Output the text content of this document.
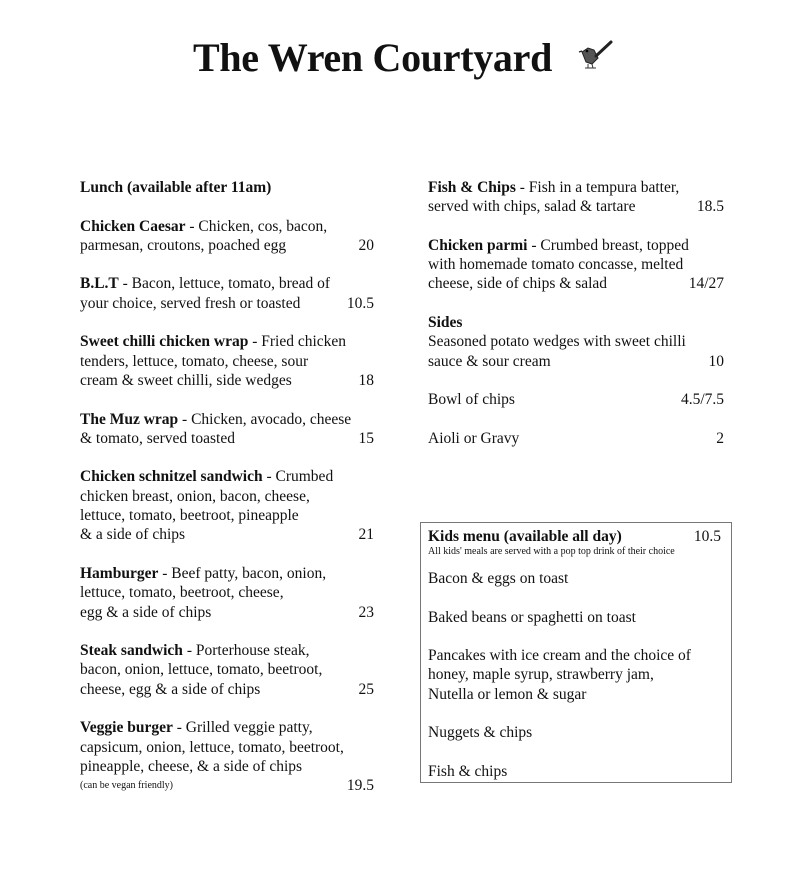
The Wren Courtyard
Lunch (available after 11am)
Chicken Caesar - Chicken, cos, bacon,
parmesan, croutons, poached egg	20
B.L.T - Bacon, lettuce, tomato, bread of
your choice, served fresh or toasted	10.5
Sweet chilli chicken wrap - Fried chicken
tenders, lettuce, tomato, cheese, sour
cream & sweet chilli, side wedges	18
The Muz wrap - Chicken, avocado, cheese
& tomato, served toasted	15
Chicken schnitzel sandwich - Crumbed
chicken breast, onion, bacon, cheese,
lettuce, tomato, beetroot, pineapple
& a side of chips	21
Hamburger - Beef patty, bacon, onion,
lettuce, tomato, beetroot, cheese,
egg & a side of chips	23
Steak sandwich - Porterhouse steak,
bacon, onion, lettuce, tomato, beetroot,
cheese, egg & a side of chips	25
Veggie burger - Grilled veggie patty,
capsicum, onion, lettuce, tomato, beetroot,
pineapple, cheese, & a side of chips
(can be vegan friendly)	19.5
Fish & Chips - Fish in a tempura batter,
served with chips, salad & tartare	18.5
Chicken parmi - Crumbed breast, topped
with homemade tomato concasse, melted
cheese, side of chips & salad	14/27
Sides
Seasoned potato wedges with sweet chilli
sauce & sour cream	10
Bowl of chips	4.5/7.5
Aioli or Gravy	2
Kids menu (available all day)	10.5
All kids' meals are served with a pop top drink of their choice
Bacon & eggs on toast
Baked beans or spaghetti on toast
Pancakes with ice cream and the choice of
honey, maple syrup, strawberry jam,
Nutella or lemon & sugar
Nuggets & chips
Fish & chips
